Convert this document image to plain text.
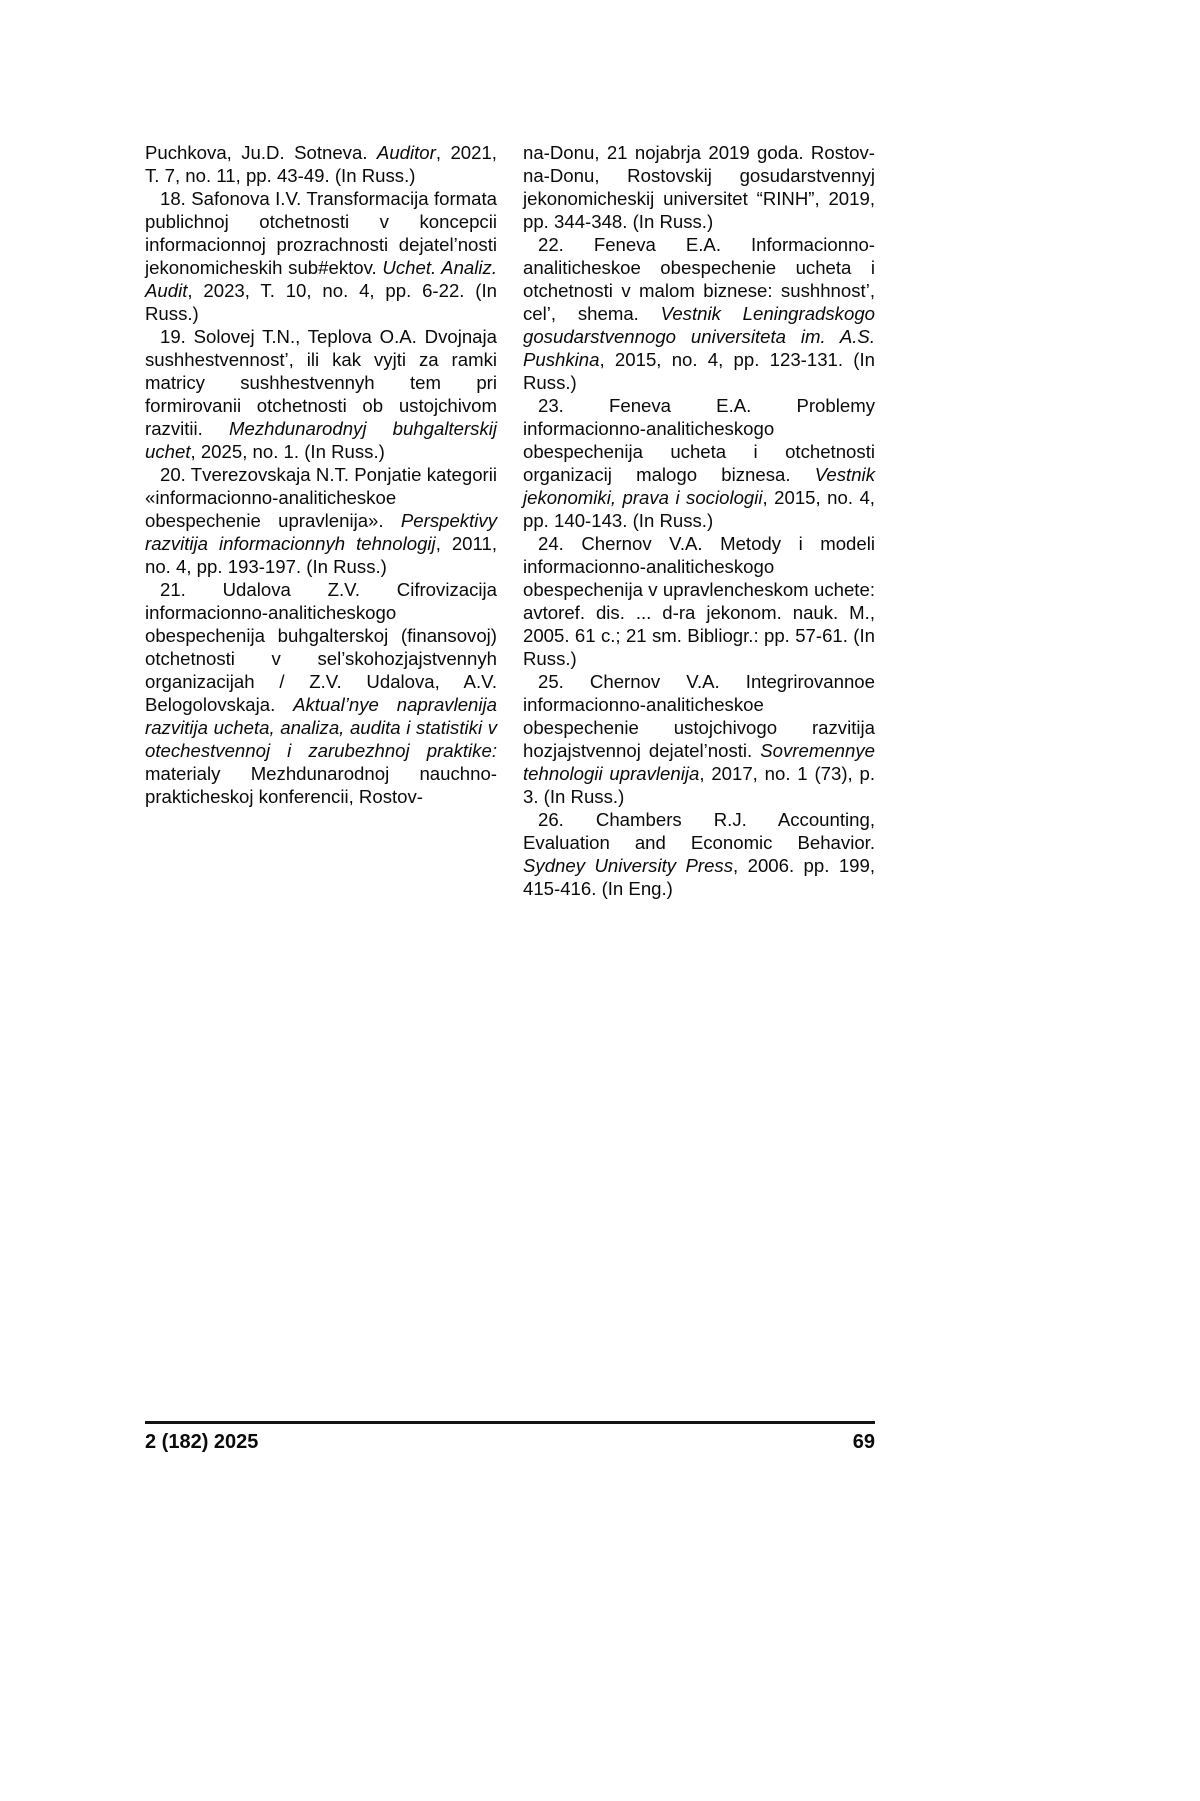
Puchkova, Ju.D. Sotneva. Auditor, 2021, T. 7, no. 11, pp. 43-49. (In Russ.)

18. Safonova I.V. Transformacija formata publichnoj otchetnosti v koncepcii informacionnoj prozrachnosti dejatel’nosti jekonomicheskih sub#ektov. Uchet. Analiz. Audit, 2023, T. 10, no. 4, pp. 6-22. (In Russ.)

19. Solovej T.N., Teplova O.A. Dvojnaja sushhestvennost’, ili kak vyjti za ramki matricy sushhestvennyh tem pri formirovanii otchetnosti ob ustojchivom razvitii. Mezhdunarodnyj buhgalterskij uchet, 2025, no. 1. (In Russ.)

20. Tverezovskaja N.T. Ponjatie kategorii «informacionno-analiticheskoe obespechenie upravlenija». Perspektivy razvitija informacionnyh tehnologij, 2011, no. 4, pp. 193-197. (In Russ.)

21. Udalova Z.V. Cifrovizacija informacionno-analiticheskogo obespechenija buhgalterskoj (finansovoj) otchetnosti v sel’skohozjajstvennyh organizacijah / Z.V. Udalova, A.V. Belogolovskaja. Aktual’nye napravlenija razvitija ucheta, analiza, audita i statistiki v otechestvennoj i zarubezhnoj praktike: materialy Mezhdunarodnoj nauchno-prakticheskoj konferencii, Rostov-

na-Donu, 21 nojabrja 2019 goda. Rostov-na-Donu, Rostovskij gosudarstvennyj jekonomicheskij universitet “RINH”, 2019, pp. 344-348. (In Russ.)

22. Feneva E.A. Informacionno-analiticheskoe obespechenie ucheta i otchetnosti v malom biznese: sushhnost’, cel’, shema. Vestnik Leningradskogo gosudarstvennogo universiteta im. A.S. Pushkina, 2015, no. 4, pp. 123-131. (In Russ.)

23. Feneva E.A. Problemy informacionno-analiticheskogo obespechenija ucheta i otchetnosti organizacij malogo biznesa. Vestnik jekonomiki, prava i sociologii, 2015, no. 4, pp. 140-143. (In Russ.)

24. Chernov V.A. Metody i modeli informacionno-analiticheskogo obespechenija v upravlencheskom uchete: avtoref. dis. ... d-ra jekonom. nauk. M., 2005. 61 c.; 21 sm. Bibliogr.: pp. 57-61. (In Russ.)

25. Chernov V.A. Integrirovannoe informacionno-analiticheskoe obespechenie ustojchivogo razvitija hozjajstvennoj dejatel’nosti. Sovremennye tehnologii upravlenija, 2017, no. 1 (73), p. 3. (In Russ.)

26. Chambers R.J. Accounting, Evaluation and Economic Behavior. Sydney University Press, 2006. pp. 199, 415-416. (In Eng.)

2 (182) 2025	69
